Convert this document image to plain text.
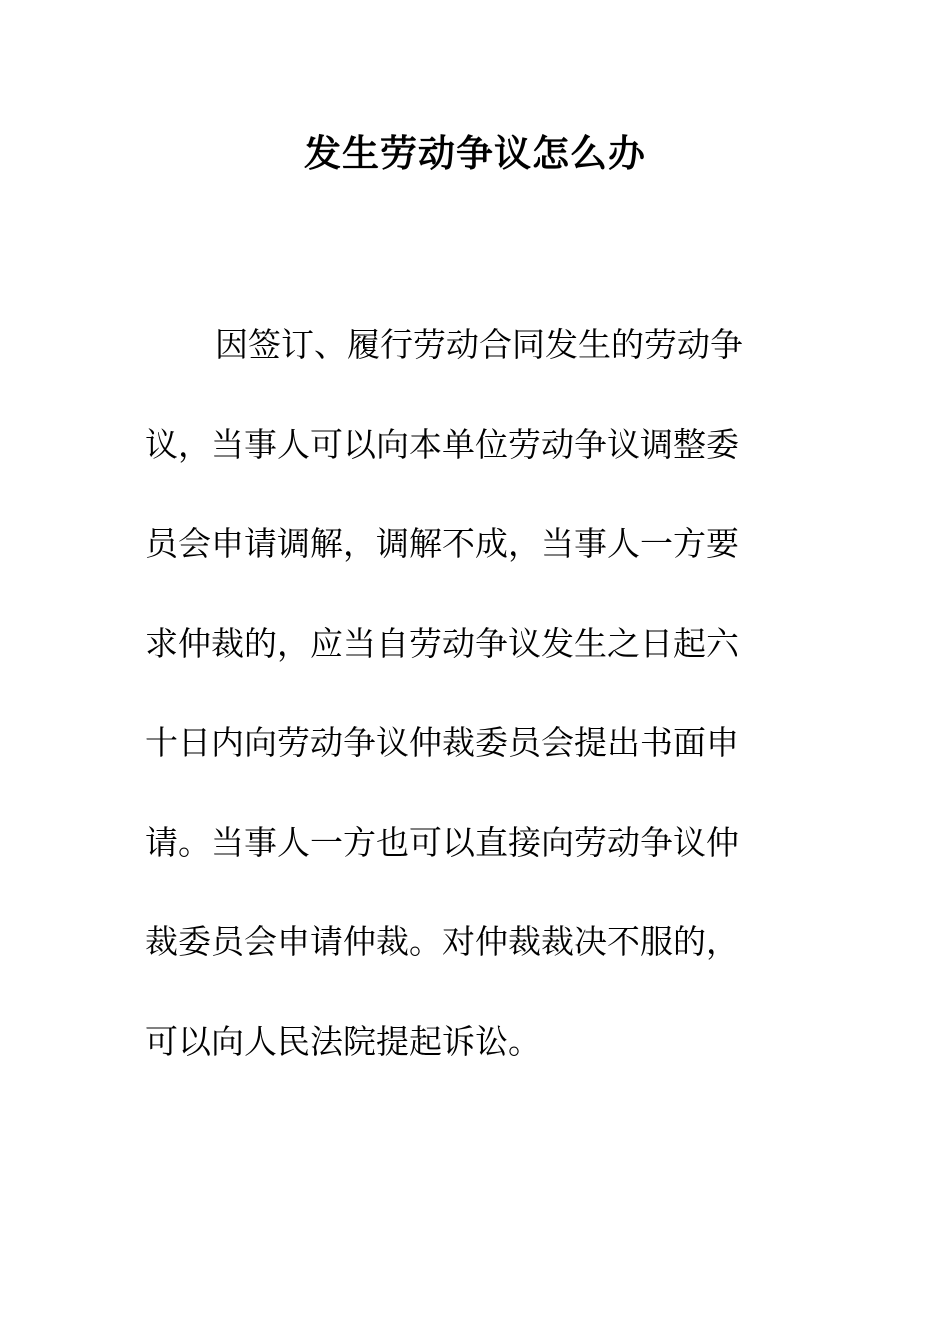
发生劳动争议怎么办
因签订、履行劳动合同发生的劳动争
议，当事人可以向本单位劳动争议调整委
员会申请调解，调解不成，当事人一方要
求仲裁的，应当自劳动争议发生之日起六
十日内向劳动争议仲裁委员会提出书面申
请。当事人一方也可以直接向劳动争议仲
裁委员会申请仲裁。对仲裁裁决不服的，
可以向人民法院提起诉讼。
